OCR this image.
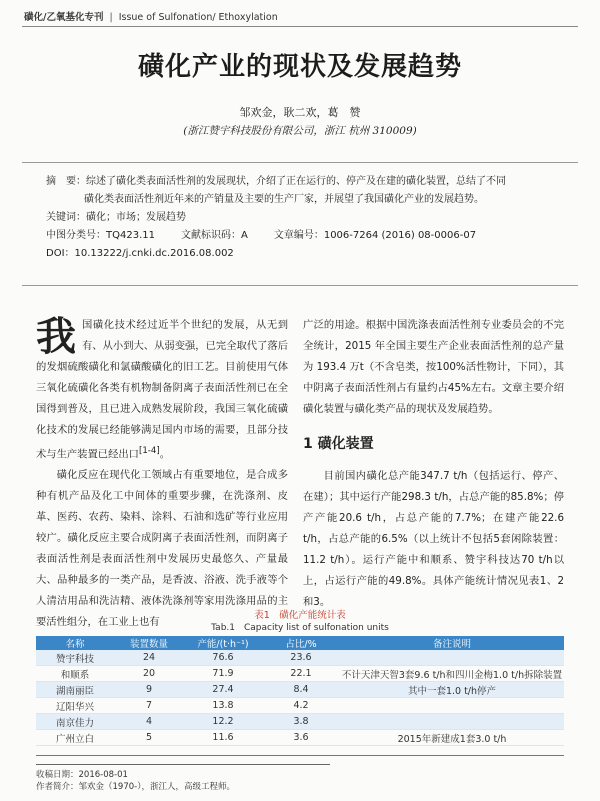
磺化/乙氧基化专刊 | Issue of Sulfonation/ Ethoxylation
磺化产业的现状及发展趋势
邹欢金，耿二欢，葛　赞
(浙江赞宇科技股份有限公司，浙江 杭州 310009)
摘　要：综述了磺化类表面活性剂的发展现状，介绍了正在运行的、停产及在建的磺化装置，总结了不同
磺化类表面活性剂近年来的产销量及主要的生产厂家，并展望了我国磺化产业的发展趋势。
关键词：磺化；市场；发展趋势
中图分类号：TQ423.11	文献标识码：A	文章编号：1006-7264 (2016) 08-0006-07
DOI：10.13222/j.cnki.dc.2016.08.002

我国磺化技术经过近半个世纪的发展，从无到有、从小到大、从弱变强，已完全取代了落后的发烟硫酸磺化和氯磺酸磺化的旧工艺。目前使用气体三氧化硫磺化各类有机物制备阴离子表面活性剂已在全国得到普及，且已进入成熟发展阶段，我国三氧化硫磺化技术的发展已经能够满足国内市场的需要，且部分技术与生产装置已经出口[1-4]。

磺化反应在现代化工领域占有重要地位，是合成多种有机产品及化工中间体的重要步骤，在洗涤剂、皮革、医药、农药、染料、涂料、石油和选矿等行业应用较广。磺化反应主要合成阴离子表面活性剂，而阴离子表面活性剂是表面活性剂中发展历史最悠久、产量最大、品种最多的一类产品，是香波、浴液、洗手液等个人清洁用品和洗洁精、液体洗涤剂等家用洗涤用品的主要活性组分，在工业上也有

广泛的用途。根据中国洗涤表面活性剂专业委员会的不完全统计，2015 年全国主要生产企业表面活性剂的总产量为 193.4 万t（不含皂类，按100%活性物计，下同），其中阴离子表面活性剂占有量约占45%左右。文章主要介绍磺化装置与磺化类产品的现状及发展趋势。

1 磺化装置

目前国内磺化总产能347.7 t/h（包括运行、停产、在建）；其中运行产能298.3 t/h，占总产能的85.8%；停产产能20.6 t/h，占总产能的7.7%；在建产能22.6 t/h，占总产能的6.5%（以上统计不包括5套闲除装置：11.2 t/h）。运行产能中和顺系、赞宇科技达70 t/h以上，占运行产能的49.8%。具体产能统计情况见表1、2和3。

表1　磺化产能统计表
Tab.1　Capacity list of sulfonation units
名称	装置数量	产能/(t·h⁻¹)	占比/%	备注说明
赞宇科技	24	76.6	23.6	
和顺系	20	71.9	22.1	不计天津天智3套9.6 t/h和四川金梅1.0 t/h拆除装置
湖南丽臣	9	27.4	8.4	其中一套1.0 t/h停产
辽阳华兴	7	13.8	4.2	
南京佳力	4	12.2	3.8	
广州立白	5	11.6	3.6	2015年新建成1套3.0 t/h
收稿日期：2016-08-01
作者简介：邹欢金（1970-），浙江人，高级工程师。
